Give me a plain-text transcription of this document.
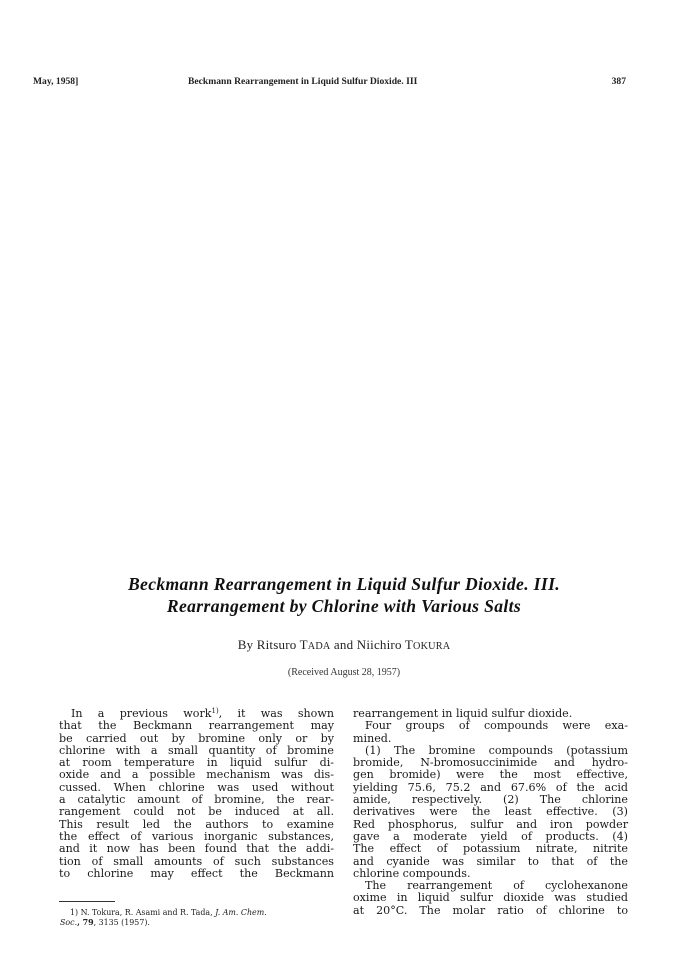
May, 1958]	Beckmann Rearrangement in Liquid Sulfur Dioxide. III	387
Beckmann Rearrangement in Liquid Sulfur Dioxide. III.
Rearrangement by Chlorine with Various Salts
By Ritsuro TADA and Niichiro TOKURA
(Received August 28, 1957)
In a previous work$^{1)}$, it was shown
that the Beckmann rearrangement may
be carried out by bromine only or by
chlorine with a small quantity of bromine
at room temperature in liquid sulfur di-
oxide and a possible mechanism was dis-
cussed. When chlorine was used without
a catalytic amount of bromine, the rear-
rangement could not be induced at all.
This result led the authors to examine
the effect of various inorganic substances,
and it now has been found that the addi-
tion of small amounts of such substances
to chlorine may effect the Beckmann
rearrangement in liquid sulfur dioxide.
Four groups of compounds were exa-
mined.
(1) The bromine compounds (potassium
bromide, N-bromosuccinimide and hydro-
gen bromide) were the most effective,
yielding 75.6, 75.2 and 67.6% of the acid
amide, respectively. (2) The chlorine
derivatives were the least effective. (3)
Red phosphorus, sulfur and iron powder
gave a moderate yield of products. (4)
The effect of potassium nitrate, nitrite
and cyanide was similar to that of the
chlorine compounds.
The rearrangement of cyclohexanone
oxime in liquid sulfur dioxide was studied
at 20°C. The molar ratio of chlorine to
1) N. Tokura, R. Asami and R. Tada, J. Am. Chem.
Soc., 79, 3135 (1957).
